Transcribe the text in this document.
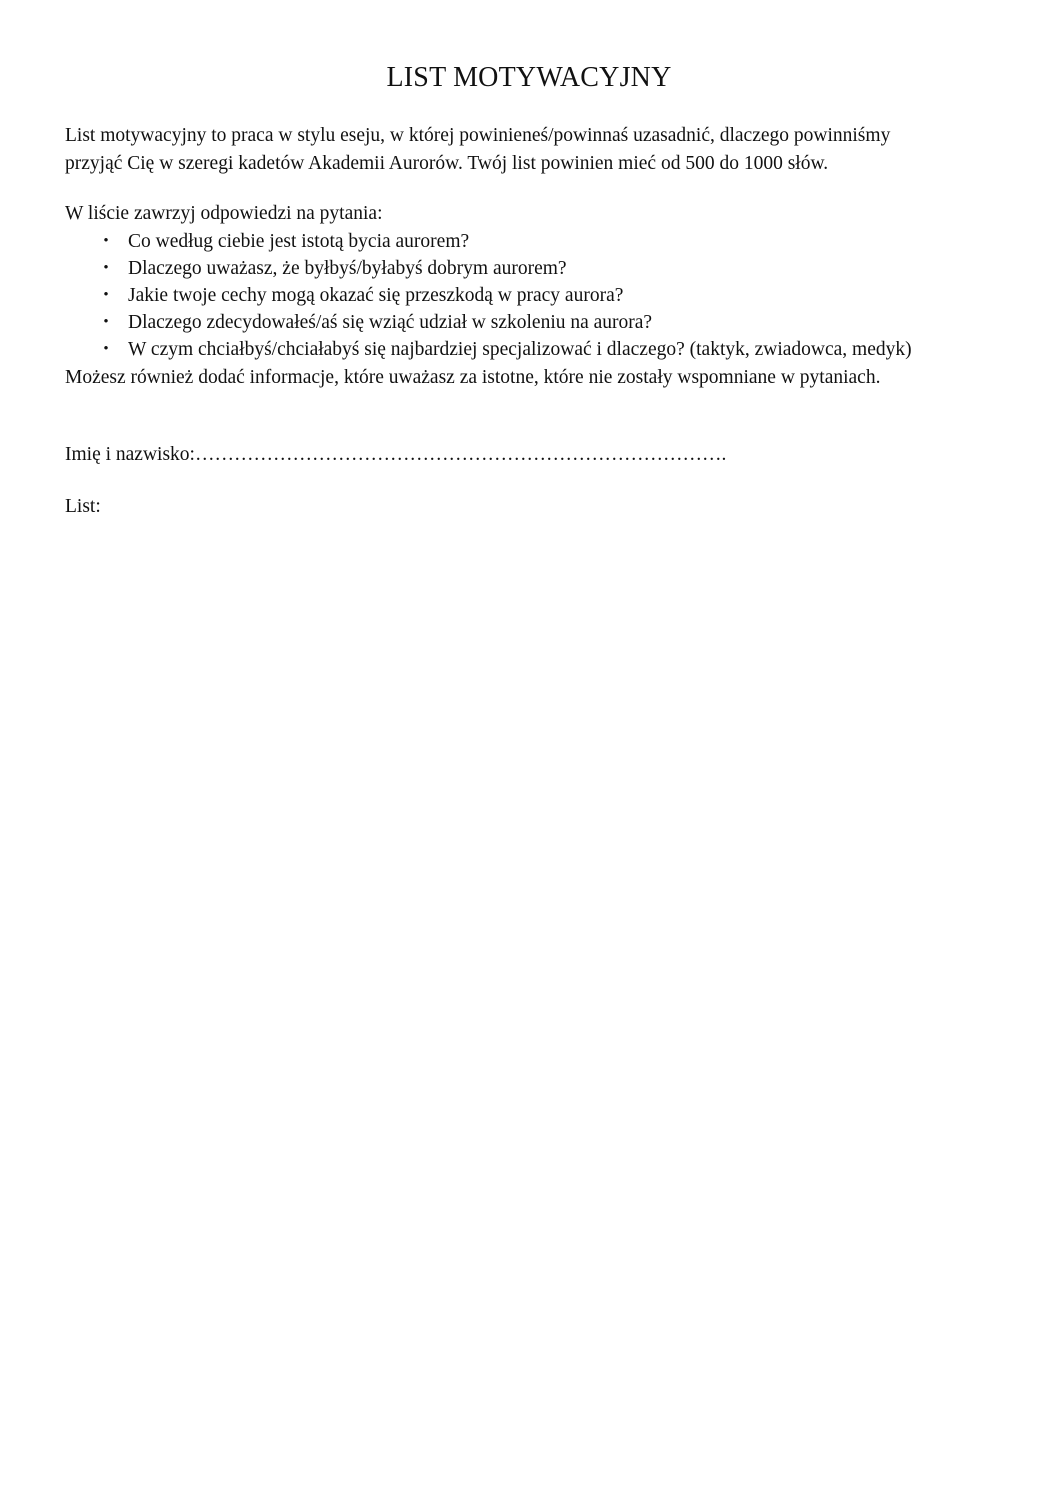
LIST MOTYWACYJNY

List motywacyjny to praca w stylu eseju, w której powinieneś/powinnaś uzasadnić, dlaczego powinniśmy
przyjąć Cię w szeregi kadetów Akademii Aurorów. Twój list powinien mieć od 500 do 1000 słów.

W liście zawrzyj odpowiedzi na pytania:

• Co według ciebie jest istotą bycia aurorem?
• Dlaczego uważasz, że byłbyś/byłabyś dobrym aurorem?
• Jakie twoje cechy mogą okazać się przeszkodą w pracy aurora?
• Dlaczego zdecydowałeś/aś się wziąć udział w szkoleniu na aurora?
• W czym chciałbyś/chciałabyś się najbardziej specjalizować i dlaczego? (taktyk, zwiadowca, medyk)

Możesz również dodać informacje, które uważasz za istotne, które nie zostały wspomniane w pytaniach.

Imię i nazwisko:……………………………………………………………………….

List:
